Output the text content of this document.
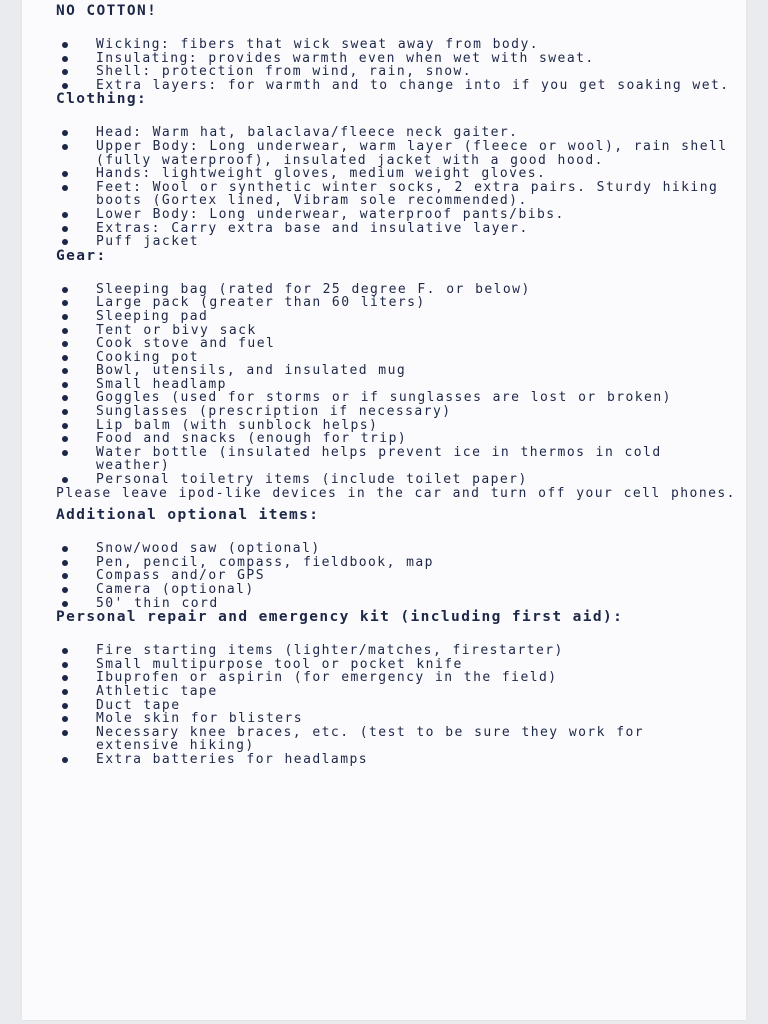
NO COTTON!
Wicking: fibers that wick sweat away from body.
Insulating: provides warmth even when wet with sweat.
Shell: protection from wind, rain, snow.
Extra layers: for warmth and to change into if you get soaking wet.
Clothing:
Head: Warm hat, balaclava/fleece neck gaiter.
Upper Body: Long underwear, warm layer (fleece or wool), rain shell (fully waterproof), insulated jacket with a good hood.
Hands: lightweight gloves, medium weight gloves.
Feet: Wool or synthetic winter socks, 2 extra pairs. Sturdy hiking boots (Gortex lined, Vibram sole recommended).
Lower Body: Long underwear, waterproof pants/bibs.
Extras: Carry extra base and insulative layer.
Puff jacket
Gear:
Sleeping bag (rated for 25 degree F. or below)
Large pack (greater than 60 liters)
Sleeping pad
Tent or bivy sack
Cook stove and fuel
Cooking pot
Bowl, utensils, and insulated mug
Small headlamp
Goggles (used for storms or if sunglasses are lost or broken)
Sunglasses (prescription if necessary)
Lip balm (with sunblock helps)
Food and snacks (enough for trip)
Water bottle (insulated helps prevent ice in thermos in cold weather)
Personal toiletry items (include toilet paper)

Please leave ipod-like devices in the car and turn off your cell phones.

Additional optional items:
Snow/wood saw (optional)
Pen, pencil, compass, fieldbook, map
Compass and/or GPS
Camera (optional)
50' thin cord
Personal repair and emergency kit (including first aid):
Fire starting items (lighter/matches, firestarter)
Small multipurpose tool or pocket knife
Ibuprofen or aspirin (for emergency in the field)
Athletic tape
Duct tape
Mole skin for blisters
Necessary knee braces, etc. (test to be sure they work for extensive hiking)
Extra batteries for headlamps
